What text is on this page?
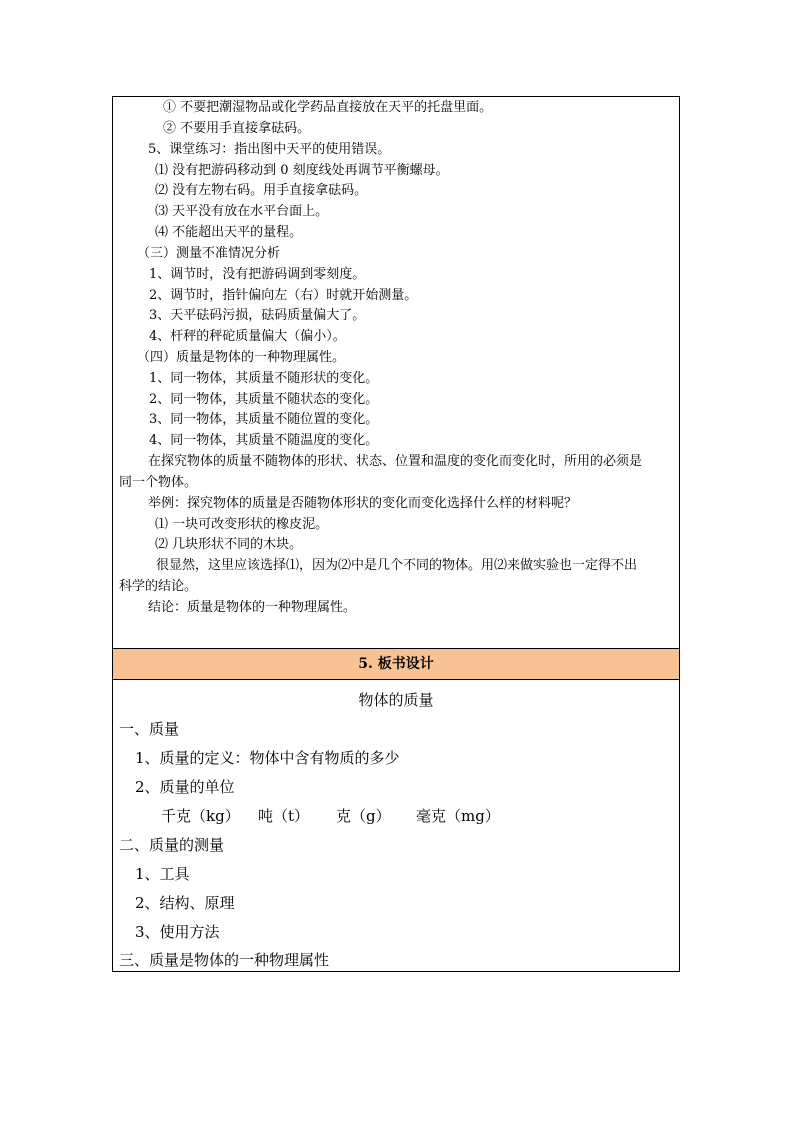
① 不要把潮湿物品或化学药品直接放在天平的托盘里面。
② 不要用手直接拿砝码。
5、课堂练习：指出图中天平的使用错误。
⑴ 没有把游码移动到 0 刻度线处再调节平衡螺母。
⑵ 没有左物右码。用手直接拿砝码。
⑶ 天平没有放在水平台面上。
⑷ 不能超出天平的量程。
（三）测量不准情况分析
1、调节时，没有把游码调到零刻度。
2、调节时，指针偏向左（右）时就开始测量。
3、天平砝码污损，砝码质量偏大了。
4、杆秤的秤砣质量偏大（偏小）。
（四）质量是物体的一种物理属性。
1、同一物体，其质量不随形状的变化。
2、同一物体，其质量不随状态的变化。
3、同一物体，其质量不随位置的变化。
4、同一物体，其质量不随温度的变化。
在探究物体的质量不随物体的形状、状态、位置和温度的变化而变化时，所用的必须是
同一个物体。
举例：探究物体的质量是否随物体形状的变化而变化选择什么样的材料呢？
⑴ 一块可改变形状的橡皮泥。
⑵ 几块形状不同的木块。
很显然，这里应该选择⑴，因为⑵中是几个不同的物体。用⑵来做实验也一定得不出
科学的结论。
结论：质量是物体的一种物理属性。
5. 板书设计
物体的质量
一、质量
1、质量的定义：物体中含有物质的多少
2、质量的单位
千克（kg） 吨（t） 克（g） 毫克（mg）
二、质量的测量
1、工具
2、结构、原理
3、使用方法
三、质量是物体的一种物理属性
